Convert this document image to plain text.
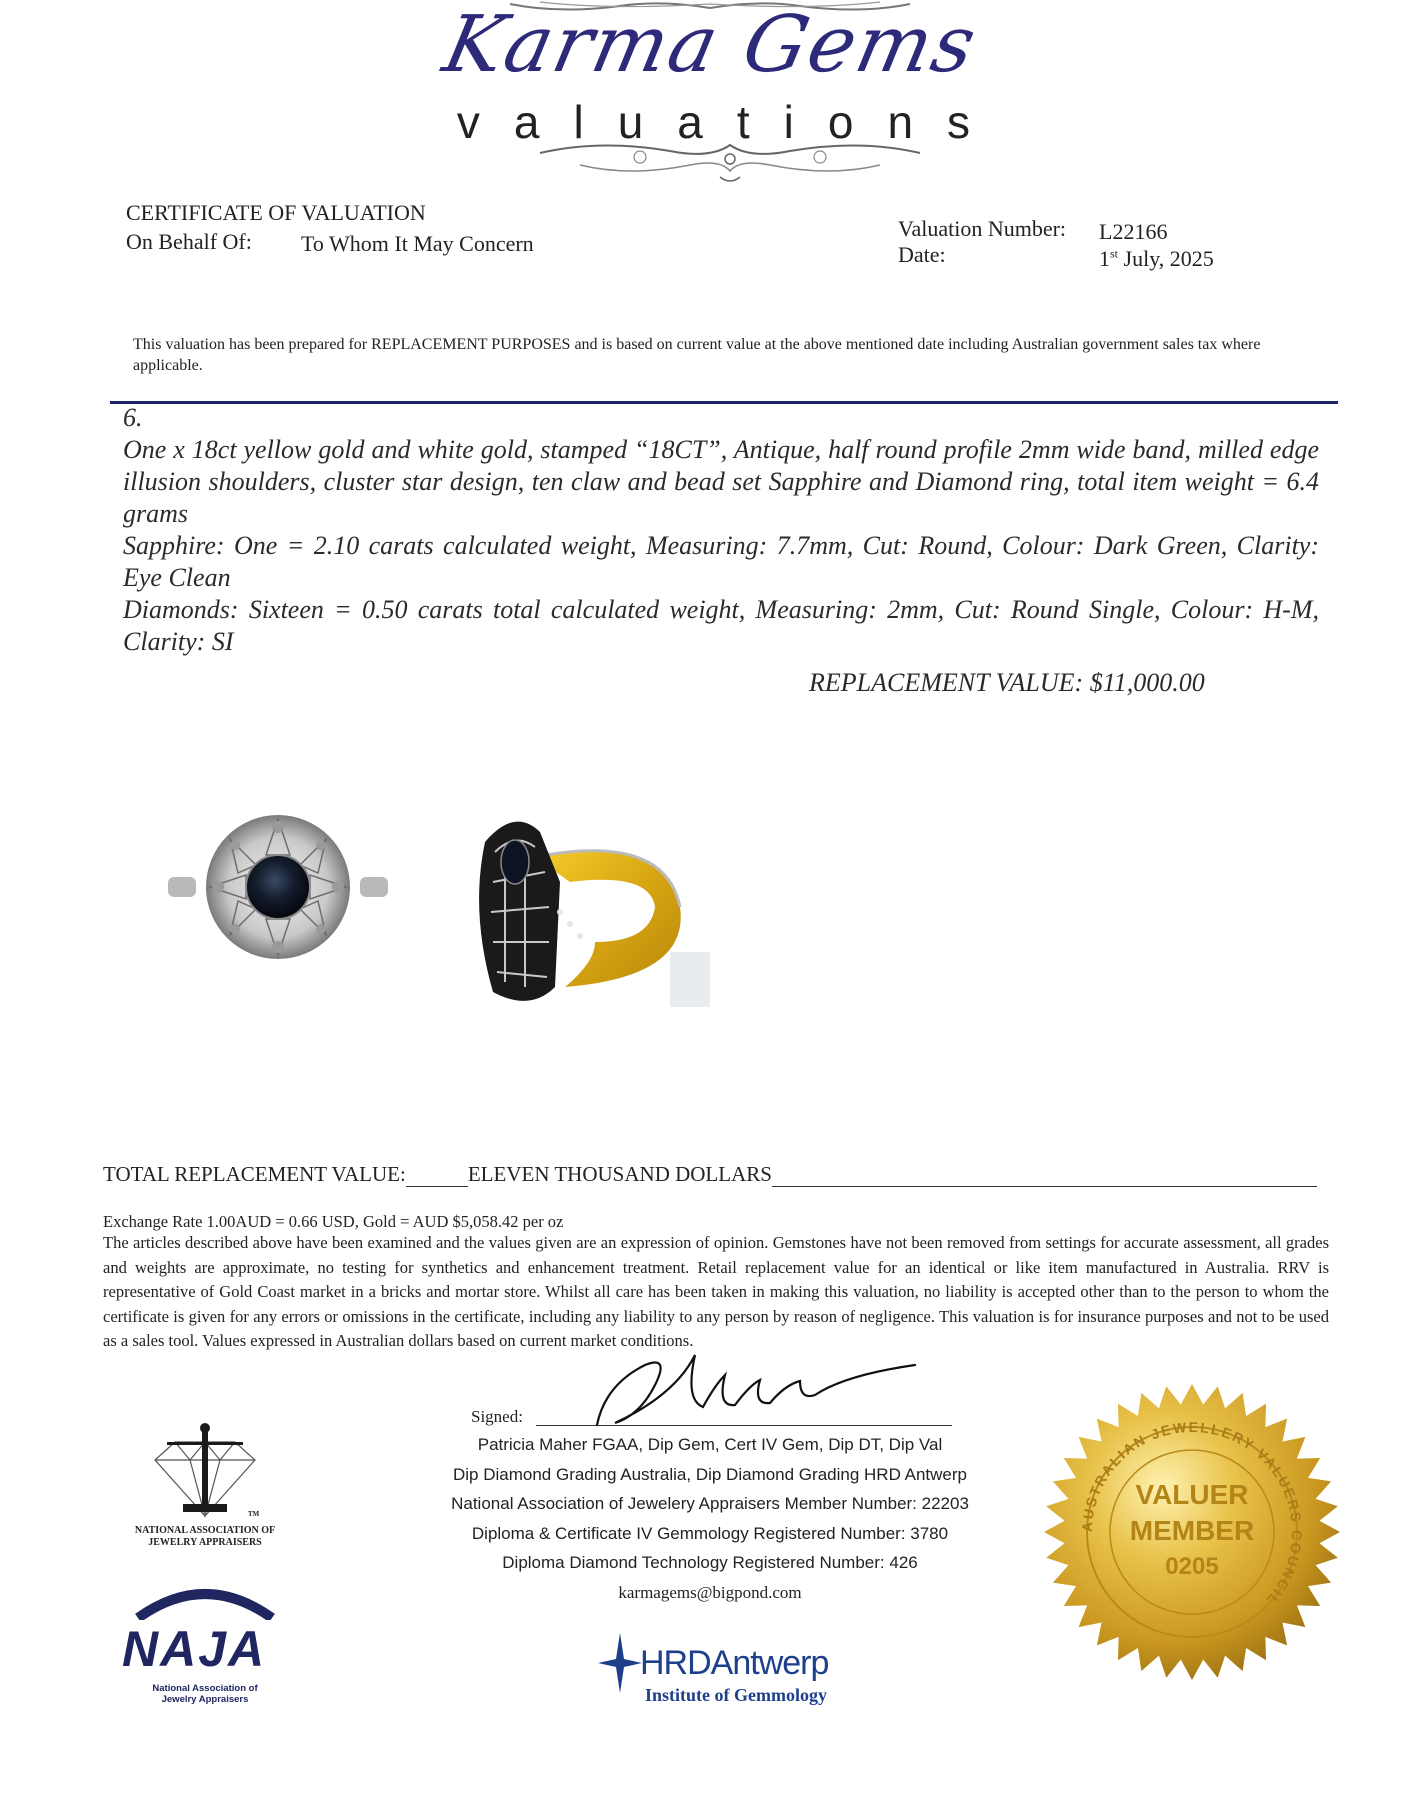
Karma Gems
valuations
CERTIFICATE OF VALUATION
On Behalf Of: To Whom It May Concern
Valuation Number: L22166
Date:	1st July, 2025
This valuation has been prepared for REPLACEMENT PURPOSES and is based on current value at the above mentioned date including Australian government sales tax where applicable.

6.

One x 18ct yellow gold and white gold, stamped “18CT”, Antique, half round profile 2mm wide band, milled edge illusion shoulders, cluster star design, ten claw and bead set Sapphire and Diamond ring, total item weight = 6.4 grams

Sapphire: One = 2.10 carats calculated weight, Measuring: 7.7mm, Cut: Round, Colour: Dark Green, Clarity: Eye Clean

Diamonds: Sixteen = 0.50 carats total calculated weight, Measuring: 2mm, Cut: Round Single, Colour: H-M, Clarity: SI

REPLACEMENT VALUE: $11,000.00
TOTAL REPLACEMENT VALUE:	ELEVEN THOUSAND DOLLARS
Exchange Rate 1.00AUD = 0.66 USD, Gold = AUD $5,058.42 per oz
The articles described above have been examined and the values given are an expression of opinion. Gemstones have not been removed from settings for accurate assessment, all grades and weights are approximate, no testing for synthetics and enhancement treatment. Retail replacement value for an identical or like item manufactured in Australia. RRV is representative of Gold Coast market in a bricks and mortar store. Whilst all care has been taken in making this valuation, no liability is accepted other than to the person to whom the certificate is given for any errors or omissions in the certificate, including any liability to any person by reason of negligence. This valuation is for insurance purposes and not to be used as a sales tool. Values expressed in Australian dollars based on current market conditions.
Signed:
Patricia Maher FGAA, Dip Gem, Cert IV Gem, Dip DT, Dip Val
Dip Diamond Grading Australia, Dip Diamond Grading HRD Antwerp
National Association of Jewelery Appraisers Member Number: 22203
Diploma & Certificate IV Gemmology Registered Number: 3780
Diploma Diamond Technology Registered Number: 426
karmagems@bigpond.com
TM
NATIONAL ASSOCIATION OF JEWELRY APPRAISERS
NAJA
National Association of Jewelry Appraisers
HRDAntwerp
Institute of Gemmology
AUSTRALIAN JEWELLERY VALUERS COUNCIL
VALUER
MEMBER
0205
